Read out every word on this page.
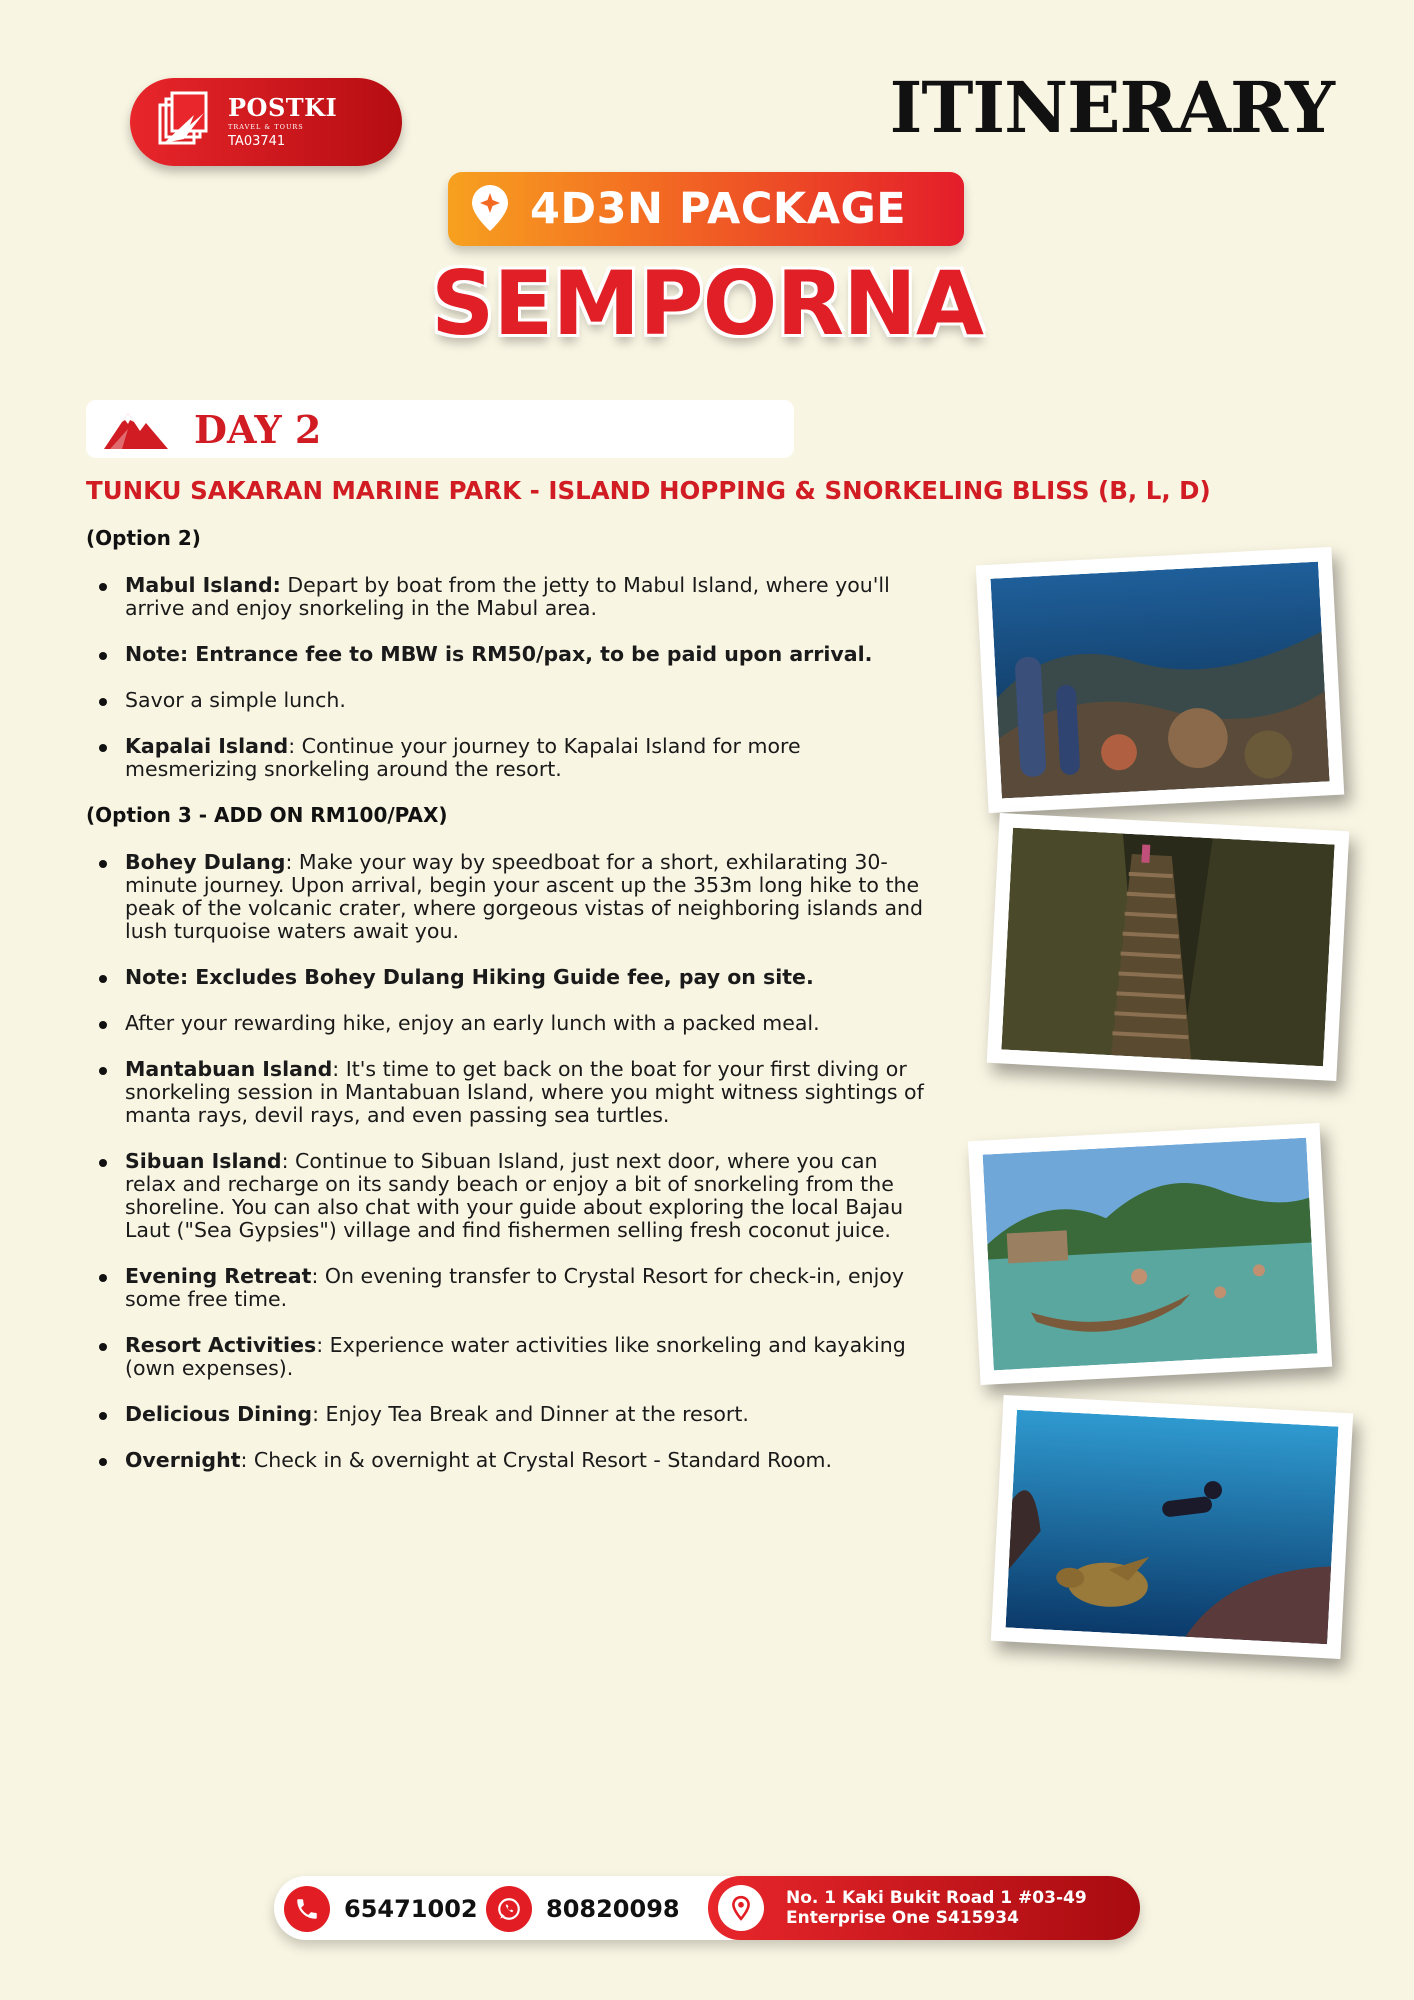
POSTKI
TRAVEL & TOURS
TA03741	ITINERARY
4D3N PACKAGE
SEMPORNA
DAY 2
TUNKU SAKARAN MARINE PARK - ISLAND HOPPING & SNORKELING BLISS (B, L, D)
(Option 2)
Mabul Island: Depart by boat from the jetty to Mabul Island, where you'll arrive and enjoy snorkeling in the Mabul area.
Note: Entrance fee to MBW is RM50/pax, to be paid upon arrival.
Savor a simple lunch.
Kapalai Island: Continue your journey to Kapalai Island for more mesmerizing snorkeling around the resort.
(Option 3 - ADD ON RM100/PAX)
Bohey Dulang: Make your way by speedboat for a short, exhilarating 30-minute journey. Upon arrival, begin your ascent up the 353m long hike to the peak of the volcanic crater, where gorgeous vistas of neighboring islands and lush turquoise waters await you.
Note: Excludes Bohey Dulang Hiking Guide fee, pay on site.
After your rewarding hike, enjoy an early lunch with a packed meal.
Mantabuan Island: It's time to get back on the boat for your first diving or snorkeling session in Mantabuan Island, where you might witness sightings of manta rays, devil rays, and even passing sea turtles.
Sibuan Island: Continue to Sibuan Island, just next door, where you can relax and recharge on its sandy beach or enjoy a bit of snorkeling from the shoreline. You can also chat with your guide about exploring the local Bajau Laut ("Sea Gypsies") village and find fishermen selling fresh coconut juice.
Evening Retreat: On evening transfer to Crystal Resort for check-in, enjoy some free time.
Resort Activities: Experience water activities like snorkeling and kayaking (own expenses).
Delicious Dining: Enjoy Tea Break and Dinner at the resort.
Overnight: Check in & overnight at Crystal Resort - Standard Room.
65471002	80820098	No. 1 Kaki Bukit Road 1 #03-49
Enterprise One S415934
